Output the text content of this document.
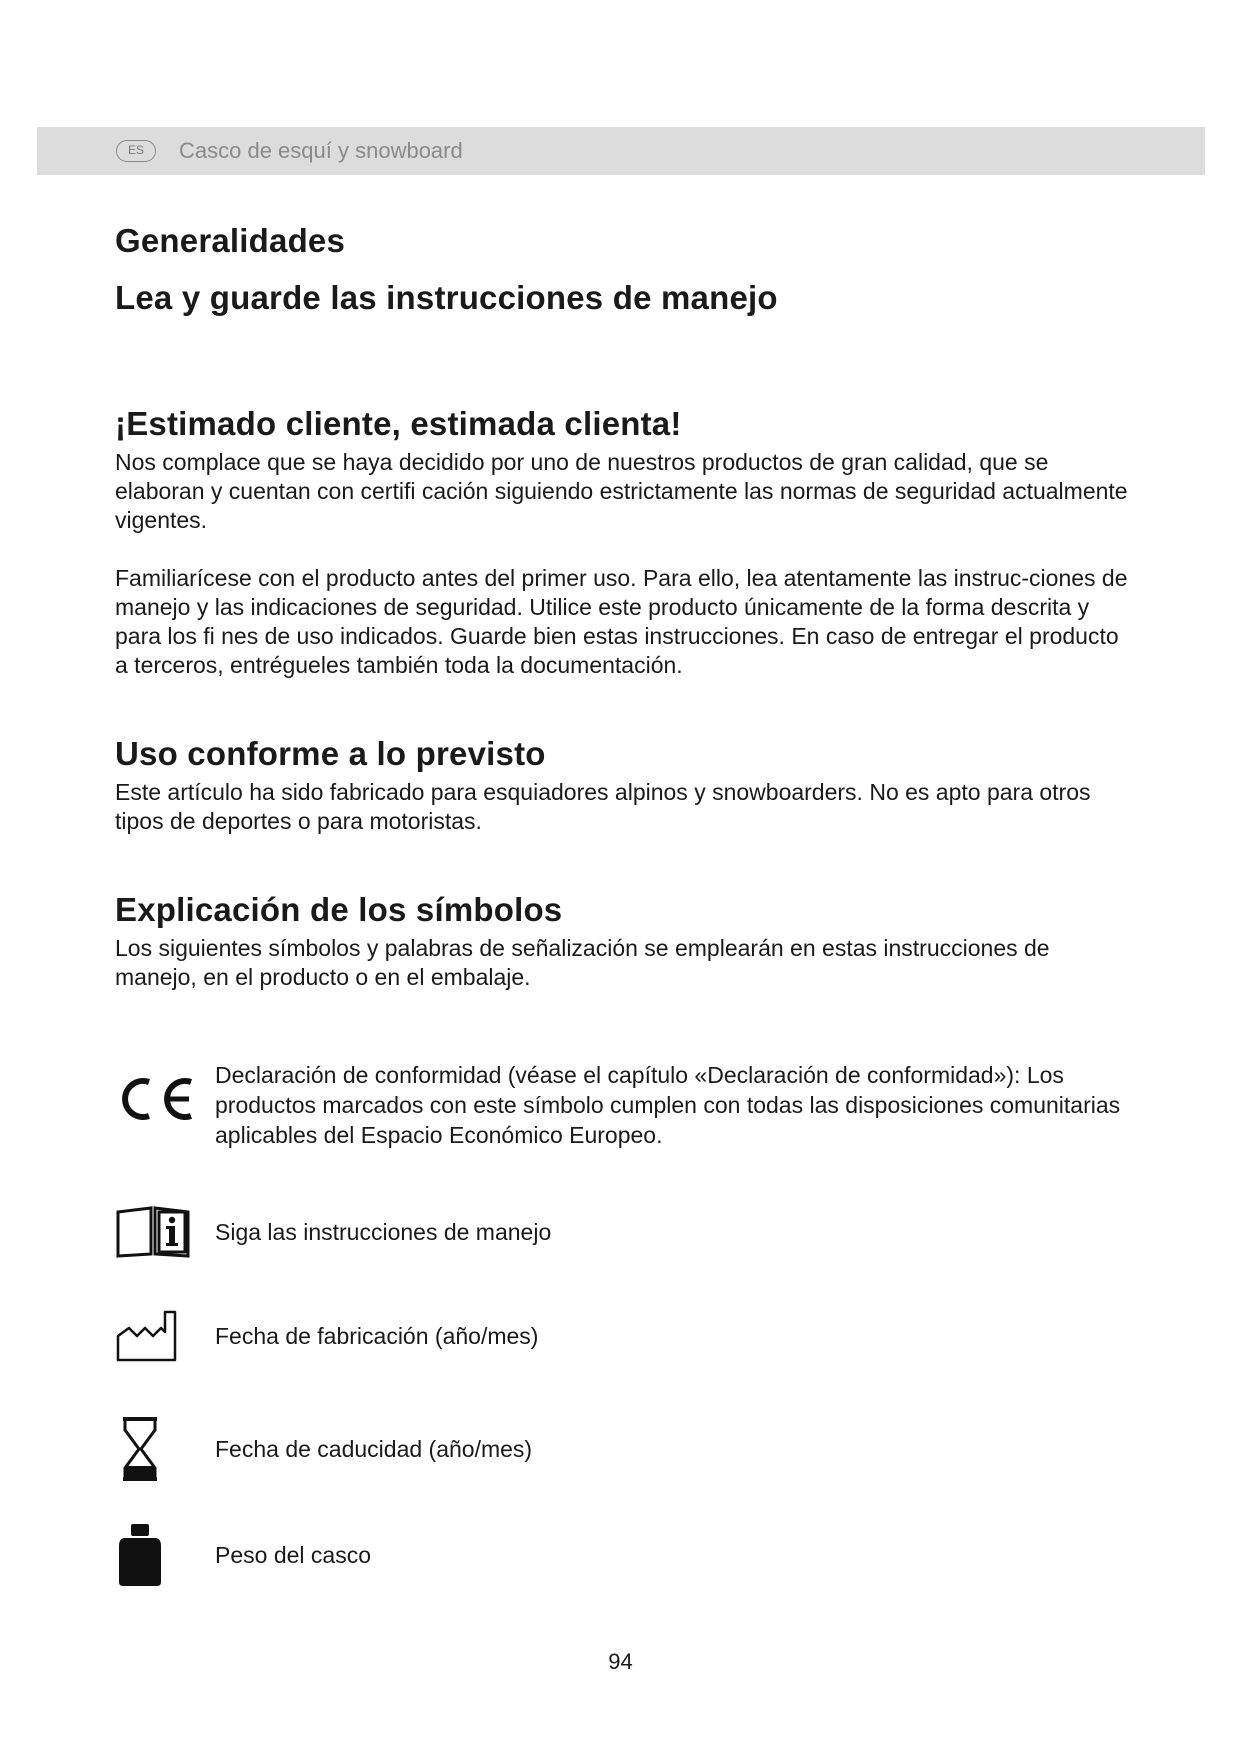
ES	Casco de esquí y snowboard
Generalidades
Lea y guarde las instrucciones de manejo
¡Estimado cliente, estimada clienta!

Nos complace que se haya decidido por uno de nuestros productos de gran calidad, que se elaboran y cuentan con certifi cación siguiendo estrictamente las normas de seguridad actualmente vigentes.

Familiarícese con el producto antes del primer uso. Para ello, lea atentamente las instruc-ciones de manejo y las indicaciones de seguridad. Utilice este producto únicamente de la forma descrita y para los fi nes de uso indicados. Guarde bien estas instrucciones. En caso de entregar el producto a terceros, entrégueles también toda la documentación.

Uso conforme a lo previsto

Este artículo ha sido fabricado para esquiadores alpinos y snowboarders. No es apto para otros tipos de deportes o para motoristas.

Explicación de los símbolos

Los siguientes símbolos y palabras de señalización se emplearán en estas instrucciones de manejo, en el producto o en el embalaje.

CE	Declaración de conformidad (véase el capítulo «Declaración de conformidad»): Los productos marcados con este símbolo cumplen con todas las disposiciones comunitarias aplicables del Espacio Económico Europeo.
Siga las instrucciones de manejo
Fecha de fabricación (año/mes)
Fecha de caducidad (año/mes)
Peso del casco
94
